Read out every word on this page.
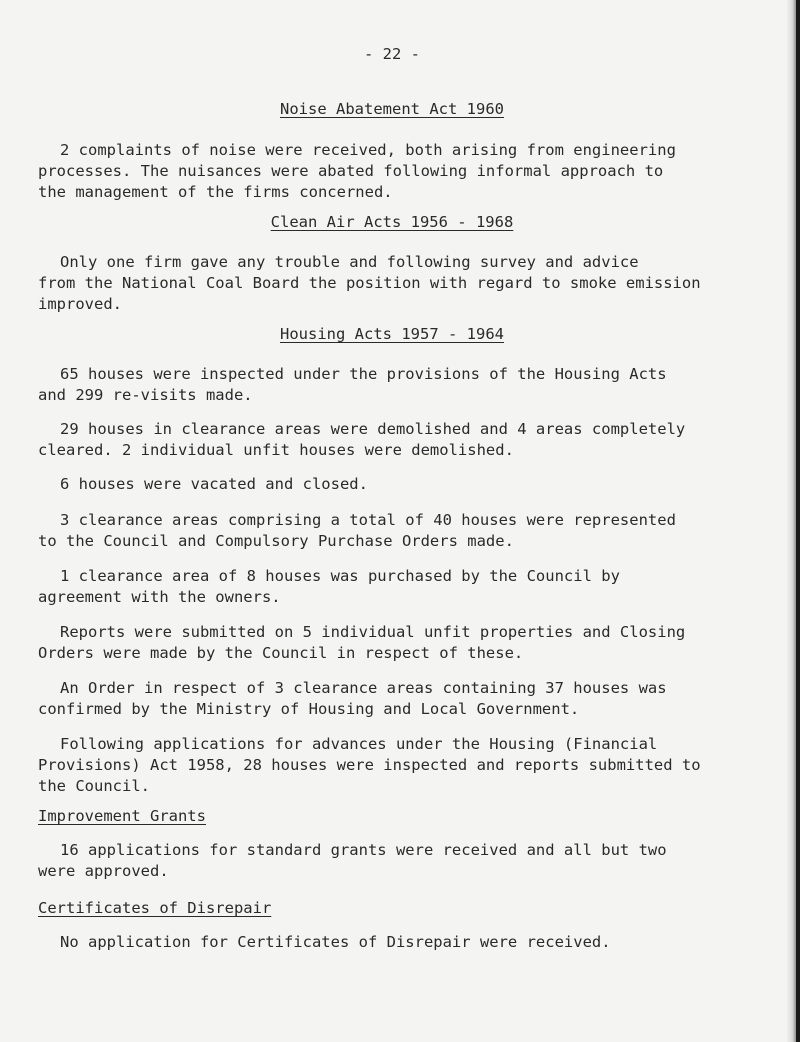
- 22 -

Noise Abatement Act 1960

2 complaints of noise were received, both arising from engineering

processes. The nuisances were abated following informal approach to

the management of the firms concerned.

Clean Air Acts 1956 - 1968

Only one firm gave any trouble and following survey and advice

from the National Coal Board the position with regard to smoke emission

improved.

Housing Acts 1957 - 1964

65 houses were inspected under the provisions of the Housing Acts

and 299 re-visits made.

29 houses in clearance areas were demolished and 4 areas completely

cleared. 2 individual unfit houses were demolished.

6 houses were vacated and closed.

3 clearance areas comprising a total of 40 houses were represented

to the Council and Compulsory Purchase Orders made.

1 clearance area of 8 houses was purchased by the Council by

agreement with the owners.

Reports were submitted on 5 individual unfit properties and Closing

Orders were made by the Council in respect of these.

An Order in respect of 3 clearance areas containing 37 houses was

confirmed by the Ministry of Housing and Local Government.

Following applications for advances under the Housing (Financial

Provisions) Act 1958, 28 houses were inspected and reports submitted to

the Council.

Improvement Grants

16 applications for standard grants were received and all but two

were approved.

Certificates of Disrepair

No application for Certificates of Disrepair were received.
